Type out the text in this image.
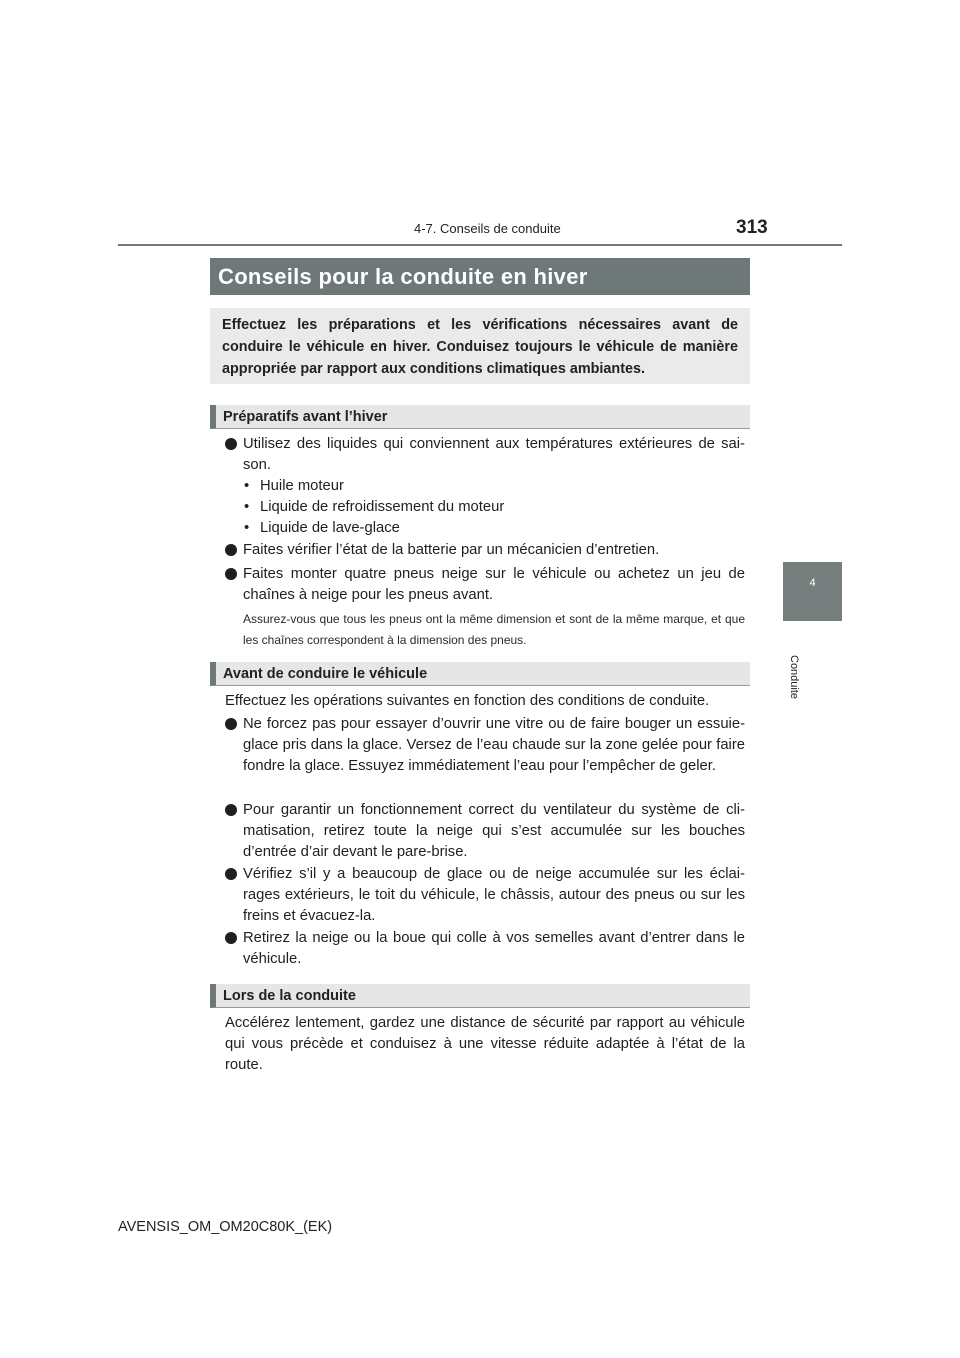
4-7. Conseils de conduite	313
4
Conduite
Conseils pour la conduite en hiver
Effectuez les préparations et les vérifications nécessaires avant de conduire le véhicule en hiver. Conduisez toujours le véhicule de manière appropriée par rapport aux conditions climatiques ambiantes.
Préparatifs avant l’hiver
Utilisez des liquides qui conviennent aux températures extérieures de sai-son.
• Huile moteur
• Liquide de refroidissement du moteur
• Liquide de lave-glace
Faites vérifier l’état de la batterie par un mécanicien d’entretien.
Faites monter quatre pneus neige sur le véhicule ou achetez un jeu de chaînes à neige pour les pneus avant.
Assurez-vous que tous les pneus ont la même dimension et sont de la même marque, et que les chaînes correspondent à la dimension des pneus.
Avant de conduire le véhicule
Effectuez les opérations suivantes en fonction des conditions de conduite.
Ne forcez pas pour essayer d’ouvrir une vitre ou de faire bouger un essuie-glace pris dans la glace. Versez de l’eau chaude sur la zone gelée pour faire fondre la glace. Essuyez immédiatement l’eau pour l’empêcher de geler.
Pour garantir un fonctionnement correct du ventilateur du système de cli-matisation, retirez toute la neige qui s’est accumulée sur les bouches d’entrée d’air devant le pare-brise.
Vérifiez s’il y a beaucoup de glace ou de neige accumulée sur les éclai-rages extérieurs, le toit du véhicule, le châssis, autour des pneus ou sur les freins et évacuez-la.
Retirez la neige ou la boue qui colle à vos semelles avant d’entrer dans le véhicule.
Lors de la conduite
Accélérez lentement, gardez une distance de sécurité par rapport au véhicule qui vous précède et conduisez à une vitesse réduite adaptée à l’état de la route.
AVENSIS_OM_OM20C80K_(EK)
